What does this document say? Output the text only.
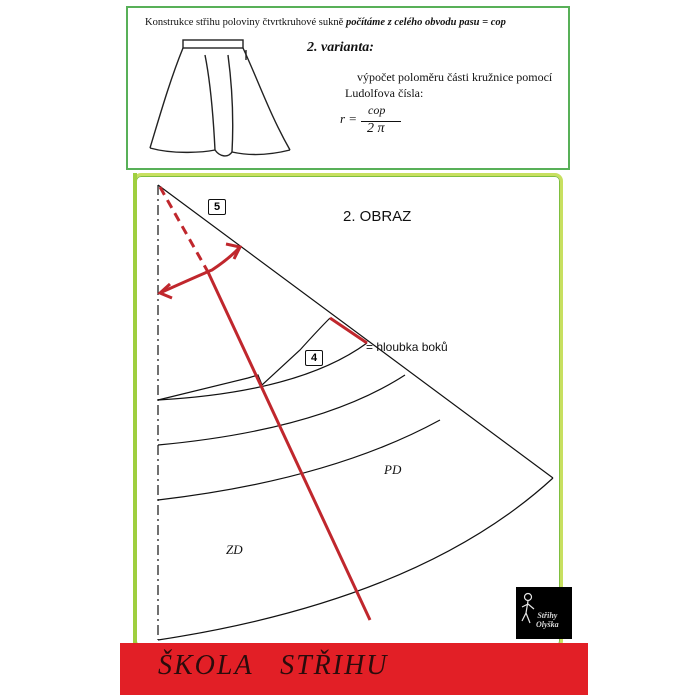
Konstrukce střihu poloviny čtvrtkruhové sukně počítáme z celého obvodu pasu = cop
2. varianta:
výpočet poloměru části kružnice pomocí
Ludolfova čísla:
r =
cop
2 π
2. OBRAZ
5
4
= hloubka boků
PD
ZD
Střihy
Olyška
ŠKOLA   STŘIHU
